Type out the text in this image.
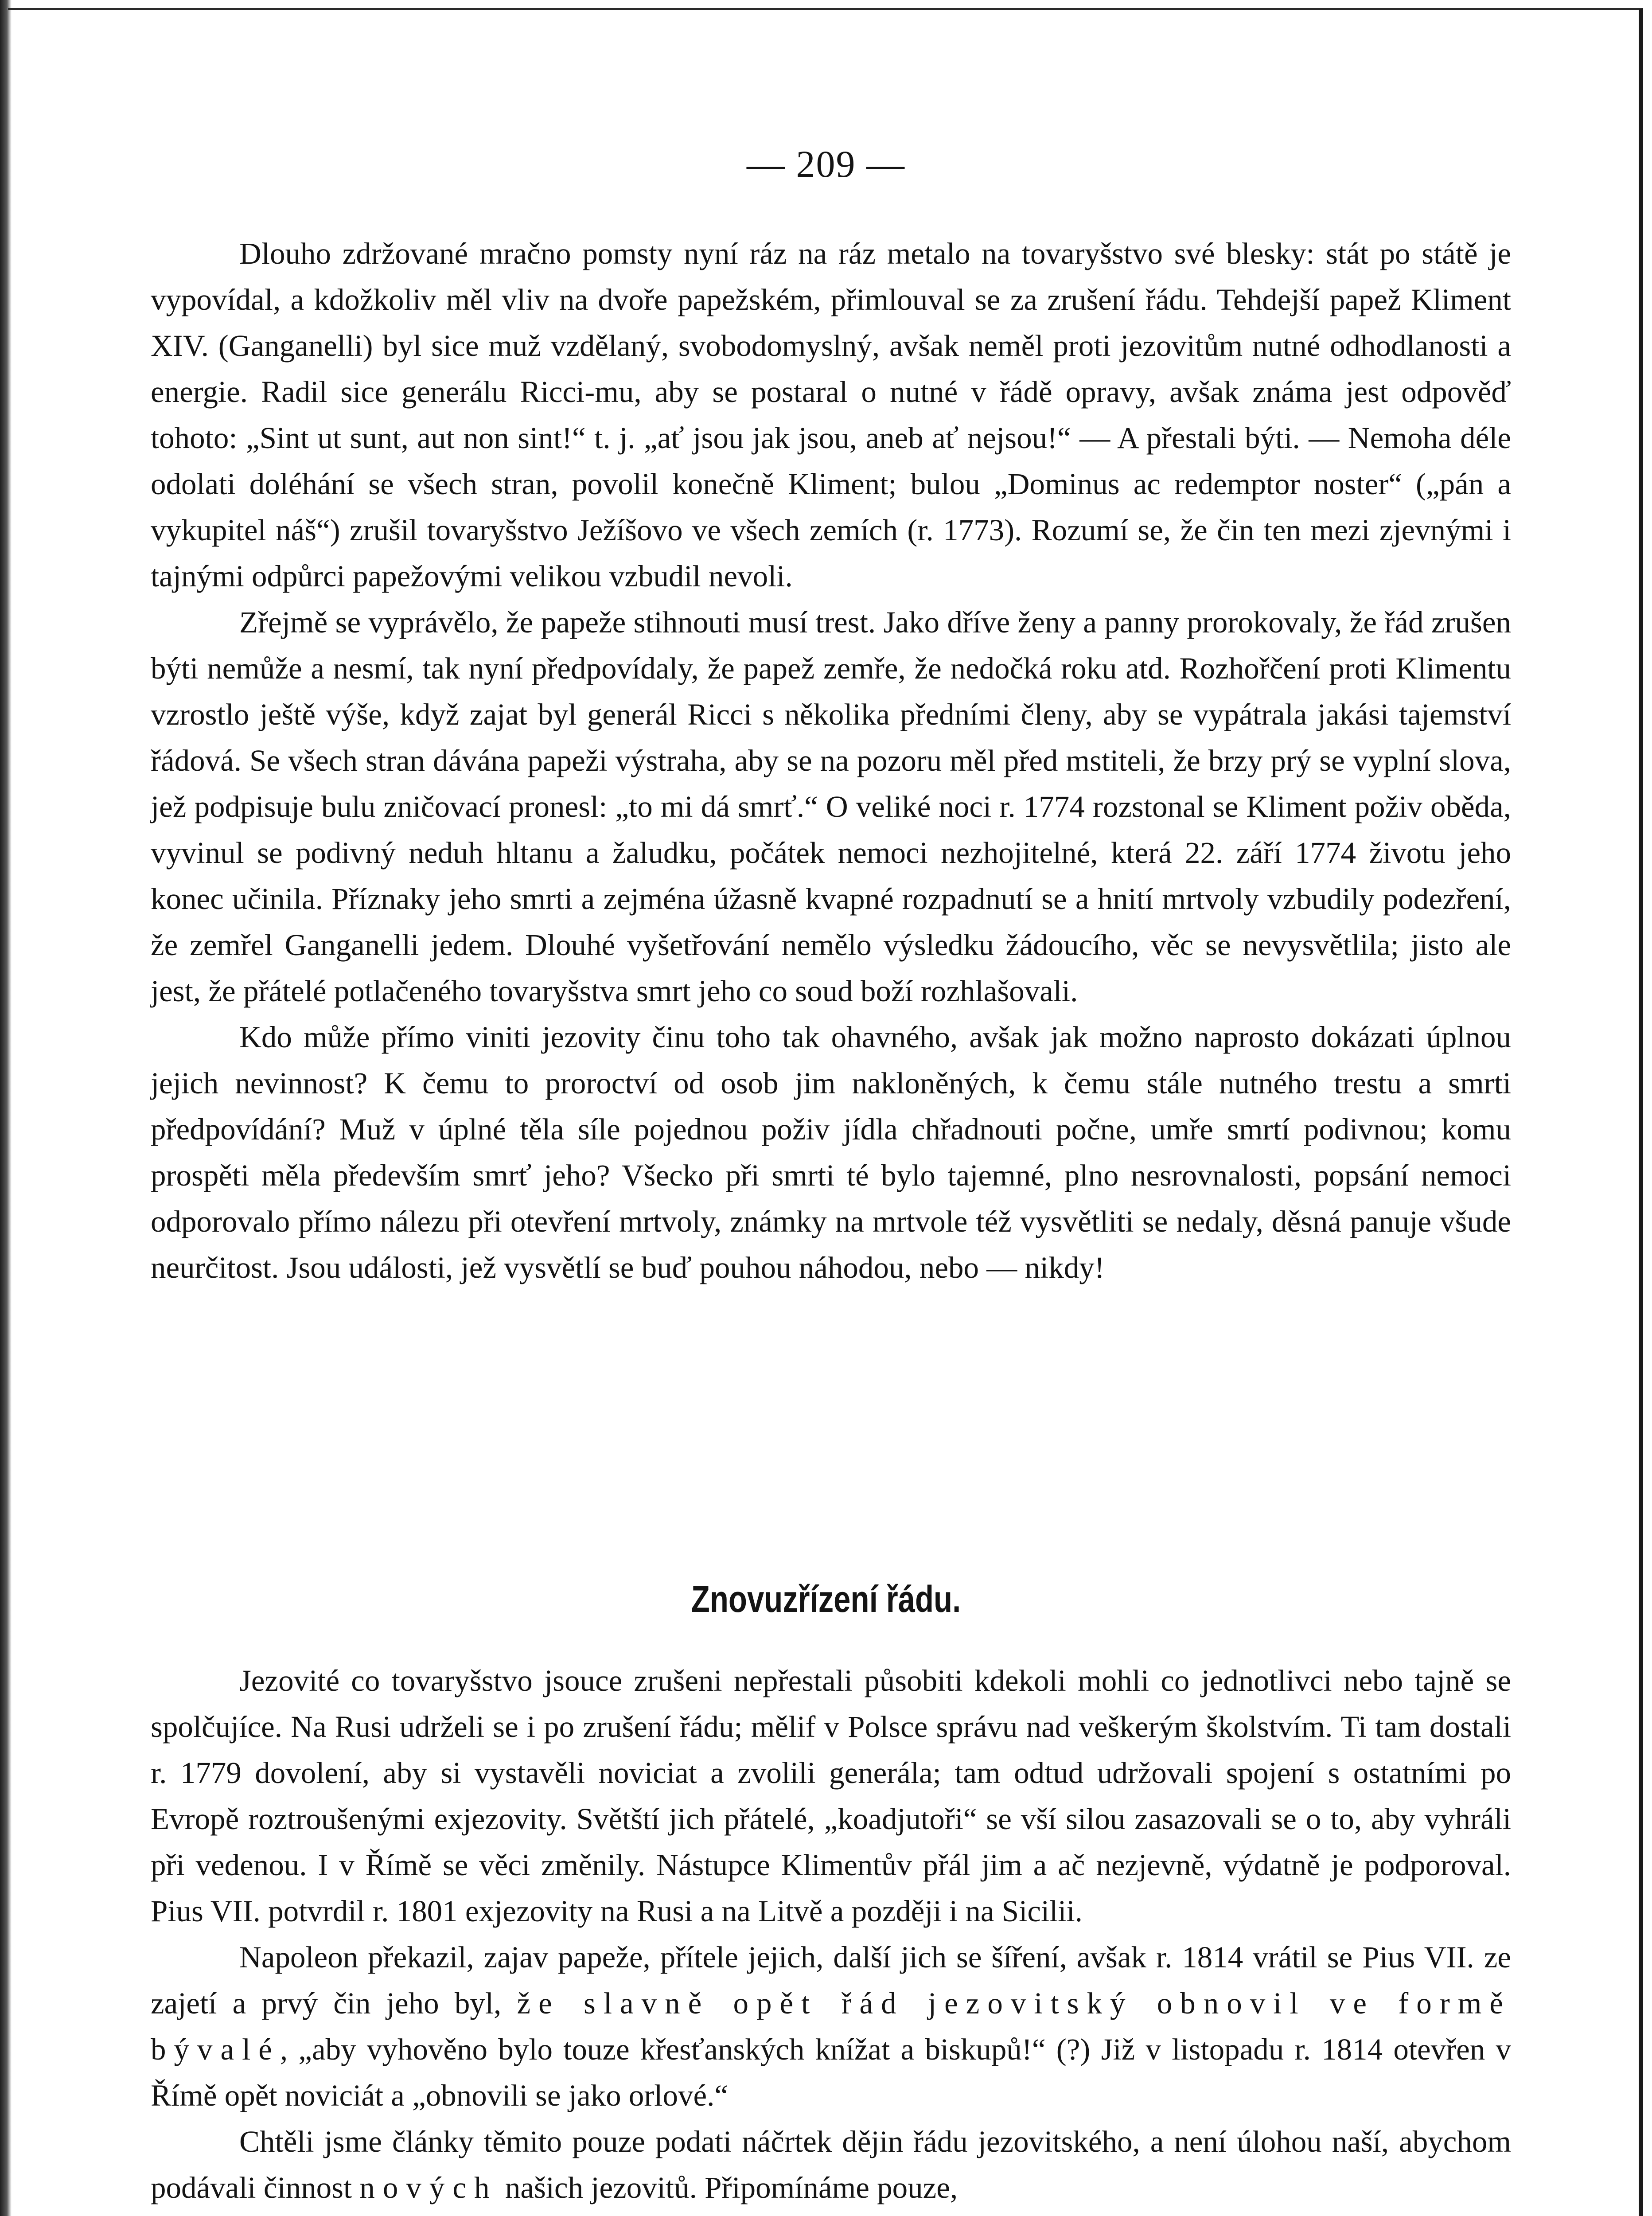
— 209 —

Dlouho zdržované mračno pomsty nyní ráz na ráz metalo na tovaryšstvo své blesky: stát po státě je vypovídal, a kdožkoliv měl vliv na dvoře papežském, přimlouval se za zrušení řádu. Tehdejší papež Kliment XIV. (Ganganelli) byl sice muž vzdělaný, svobodomyslný, avšak neměl proti jezovitům nutné odhodlanosti a energie. Radil sice generálu Ricci-mu, aby se postaral o nutné v řádě opravy, avšak známa jest odpověď tohoto: „Sint ut sunt, aut non sint!“ t. j. „ať jsou jak jsou, aneb ať nejsou!“ — A přestali býti. — Nemoha déle odolati doléhání se všech stran, povolil konečně Kliment; bulou „Dominus ac redemptor noster“ („pán a vykupitel náš“) zrušil tovaryšstvo Ježíšovo ve všech zemích (r. 1773). Rozumí se, že čin ten mezi zjevnými i tajnými odpůrci papežovými velikou vzbudil nevoli.

Zřejmě se vyprávělo, že papeže stihnouti musí trest. Jako dříve ženy a panny prorokovaly, že řád zrušen býti nemůže a nesmí, tak nyní předpovídaly, že papež zemře, že nedočká roku atd. Rozhořčení proti Klimentu vzrostlo ještě výše, když zajat byl generál Ricci s několika předními členy, aby se vypátrala jakási tajemství řádová. Se všech stran dávána papeži výstraha, aby se na pozoru měl před mstiteli, že brzy prý se vyplní slova, jež podpisuje bulu zničovací pronesl: „to mi dá smrť.“ O veliké noci r. 1774 rozstonal se Kliment poživ oběda, vyvinul se podivný neduh hltanu a žaludku, počátek nemoci nezhojitelné, která 22. září 1774 životu jeho konec učinila. Příznaky jeho smrti a zejména úžasně kvapné rozpadnutí se a hnití mrtvoly vzbudily podezření, že zemřel Ganganelli jedem. Dlouhé vyšetřování nemělo výsledku žádoucího, věc se nevysvětlila; jisto ale jest, že přátelé potlačeného tovaryšstva smrt jeho co soud boží rozhlašovali.

Kdo může přímo viniti jezovity činu toho tak ohavného, avšak jak možno naprosto dokázati úplnou jejich nevinnost? K čemu to proroctví od osob jim nakloněných, k čemu stále nutného trestu a smrti předpovídání? Muž v úplné těla síle pojednou poživ jídla chřadnouti počne, umře smrtí podivnou; komu prospěti měla především smrť jeho? Všecko při smrti té bylo tajemné, plno nesrovnalosti, popsání nemoci odporovalo přímo nálezu při otevření mrtvoly, známky na mrtvole též vysvětliti se nedaly, děsná panuje všude neurčitost. Jsou události, jež vysvětlí se buď pouhou náhodou, nebo — nikdy!

Znovuzřízení řádu.

Jezovité co tovaryšstvo jsouce zrušeni nepřestali působiti kdekoli mohli co jednotlivci nebo tajně se spolčujíce. Na Rusi udrželi se i po zrušení řádu; mělif v Polsce správu nad veškerým školstvím. Ti tam dostali r. 1779 dovolení, aby si vystavěli noviciat a zvolili generála; tam odtud udržovali spojení s ostatními po Evropě roztroušenými exjezovity. Světští jich přátelé, „koadjutoři“ se vší silou zasazovali se o to, aby vyhráli při vedenou. I v Římě se věci změnily. Nástupce Klimentův přál jim a ač nezjevně, výdatně je podporoval. Pius VII. potvrdil r. 1801 exjezovity na Rusi a na Litvě a později i na Sicilii.

Napoleon překazil, zajav papeže, přítele jejich, další jich se šíření, avšak r. 1814 vrátil se Pius VII. ze zajetí a prvý čin jeho byl, že slavně opět řád jezovitský obnovil ve formě bývalé, „aby vyhověno bylo touze křesťanských knížat a biskupů!“ (?) Již v listopadu r. 1814 otevřen v Římě opět noviciát a „obnovili se jako orlové.“

Chtěli jsme články těmito pouze podati náčrtek dějin řádu jezovitského, a není úlohou naší, abychom podávali činnost nových našich jezovitů. Připomínáme pouze,
